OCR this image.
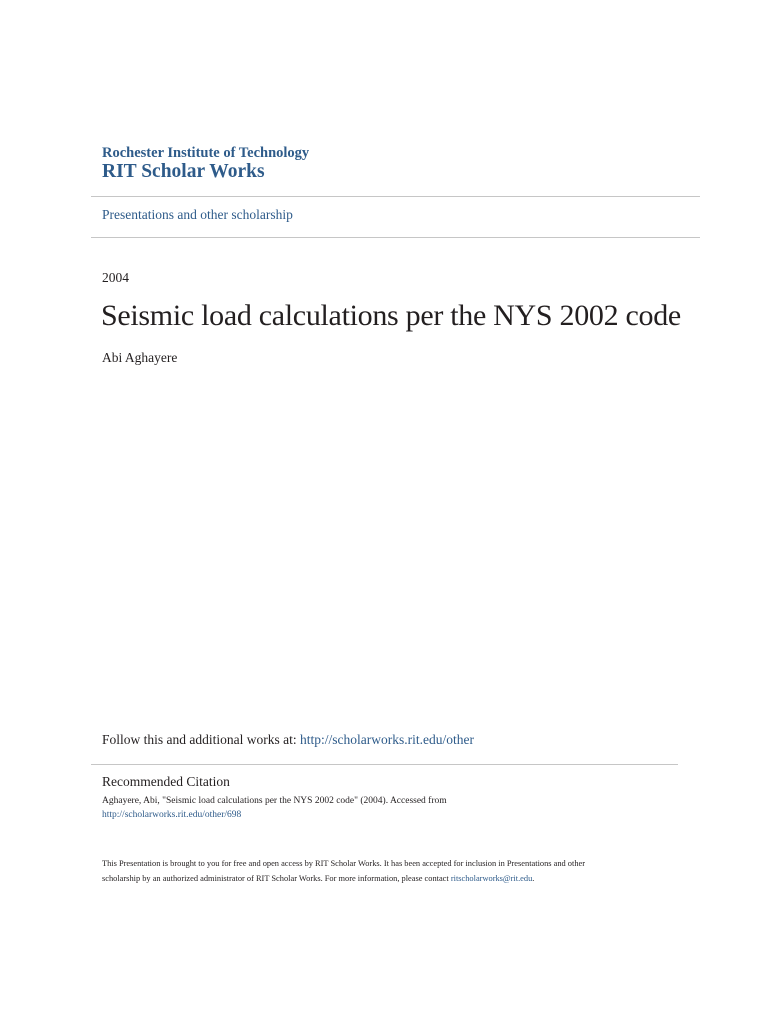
Rochester Institute of Technology
RIT Scholar Works
Presentations and other scholarship
2004
Seismic load calculations per the NYS 2002 code
Abi Aghayere
Follow this and additional works at: http://scholarworks.rit.edu/other
Recommended Citation
Aghayere, Abi, "Seismic load calculations per the NYS 2002 code" (2004). Accessed from
http://scholarworks.rit.edu/other/698
This Presentation is brought to you for free and open access by RIT Scholar Works. It has been accepted for inclusion in Presentations and other
scholarship by an authorized administrator of RIT Scholar Works. For more information, please contact ritscholarworks@rit.edu.
